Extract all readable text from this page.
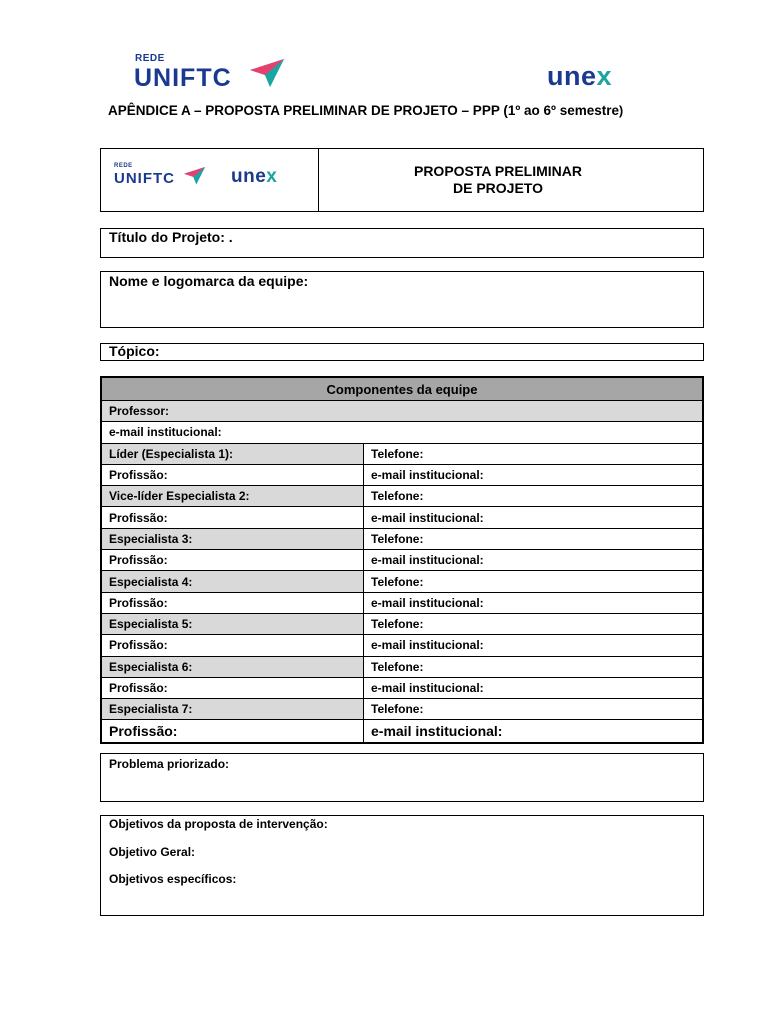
REDE
UNIFTC	unex
APÊNDICE A – PROPOSTA PRELIMINAR DE PROJETO – PPP (1º ao 6º semestre)
REDE
UNIFTC	unex	PROPOSTA PRELIMINAR
DE PROJETO
Título do Projeto: .
Nome e logomarca da equipe:
Tópico:
Componentes da equipe	
Professor:	
e-mail institucional:	
Líder (Especialista 1):	Telefone:
Profissão:	e-mail institucional:
Vice-líder Especialista 2:	Telefone:
Profissão:	e-mail institucional:
Especialista 3:	Telefone:
Profissão:	e-mail institucional:
Especialista 4:	Telefone:
Profissão:	e-mail institucional:
Especialista 5:	Telefone:
Profissão:	e-mail institucional:
Especialista 6:	Telefone:
Profissão:	e-mail institucional:
Especialista 7:	Telefone:
Profissão:	e-mail institucional:
Problema priorizado:
Objetivos da proposta de intervenção:
Objetivo Geral:
Objetivos específicos:
